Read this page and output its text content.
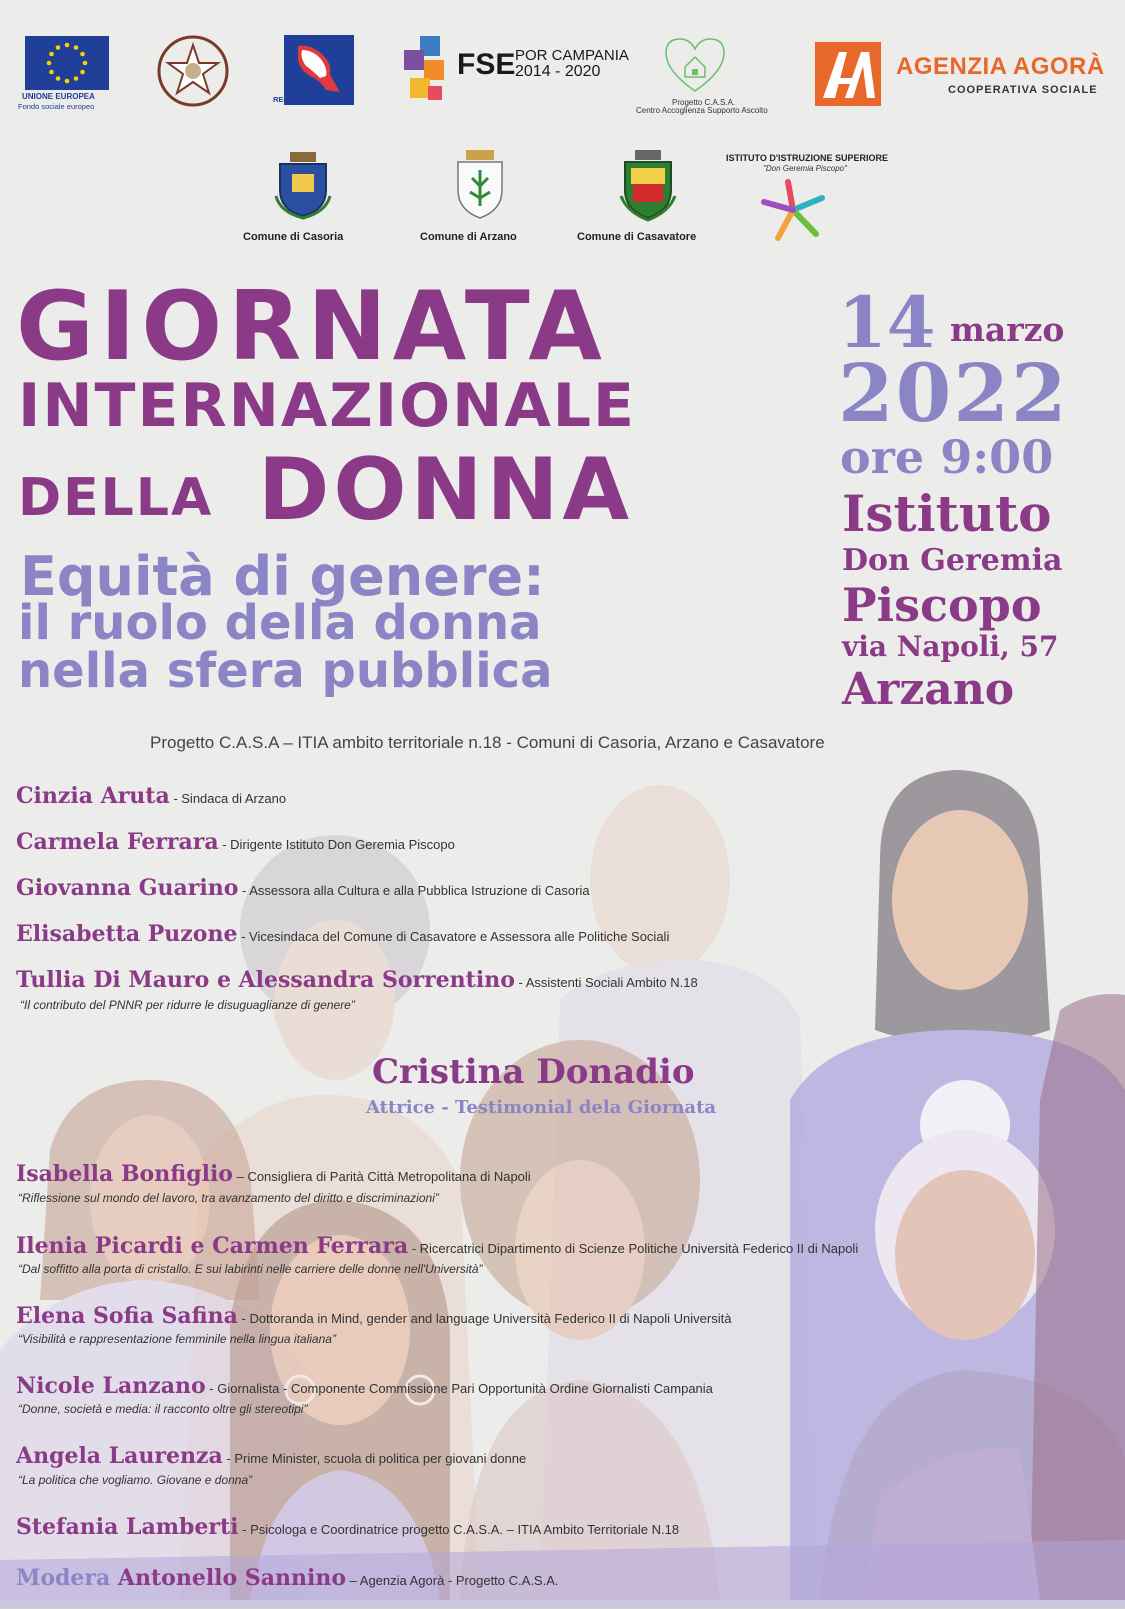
UNIONE EUROPEA
Fondo sociale europeo
REGIONE CAMPANIA
FSE POR CAMPANIA
2014 - 2020
Progetto C.A.S.A.
Centro Accoglienza Supporto Ascolto
AGENZIA AGORÀ
COOPERATIVA SOCIALE
Comune di Casoria	Comune di Arzano	Comune di Casavatore
ISTITUTO D'ISTRUZIONE SUPERIORE
"Don Geremia Piscopo"
GIORNATA
INTERNAZIONALE
DELLA DONNA
Equità di genere:
il ruolo della donna
nella sfera pubblica
14 marzo
2022
ore 9:00
Istituto
Don Geremia
Piscopo
via Napoli, 57
Arzano
Progetto C.A.S.A – ITIA ambito territoriale n.18 - Comuni di Casoria, Arzano e Casavatore
Cinzia Aruta - Sindaca di Arzano
Carmela Ferrara - Dirigente Istituto Don Geremia Piscopo
Giovanna Guarino - Assessora alla Cultura e alla Pubblica Istruzione di Casoria
Elisabetta Puzone - Vicesindaca del Comune di Casavatore e Assessora alle Politiche Sociali
Tullia Di Mauro e Alessandra Sorrentino - Assistenti Sociali Ambito N.18
“Il contributo del PNNR per ridurre le disuguaglianze di genere”
Cristina Donadio
Attrice - Testimonial dela Giornata
Isabella Bonfiglio – Consigliera di Parità Città Metropolitana di Napoli
“Riflessione sul mondo del lavoro, tra avanzamento del diritto e discriminazioni”
Ilenia Picardi e Carmen Ferrara - Ricercatrici Dipartimento di Scienze Politiche Università Federico II di Napoli
“Dal soffitto alla porta di cristallo. E sui labirinti nelle carriere delle donne nell'Università”
Elena Sofia Safina - Dottoranda in Mind, gender and language Università Federico II di Napoli Università
“Visibilità e rappresentazione femminile nella lingua italiana”
Nicole Lanzano - Giornalista - Componente Commissione Pari Opportunità Ordine Giornalisti Campania
“Donne, società e media: il racconto oltre gli stereotipi”
Angela Laurenza - Prime Minister, scuola di politica per giovani donne
“La politica che vogliamo. Giovane e donna”
Stefania Lamberti - Psicologa e Coordinatrice progetto C.A.S.A. – ITIA Ambito Territoriale N.18
Modera Antonello Sannino – Agenzia Agorà - Progetto C.A.S.A.
